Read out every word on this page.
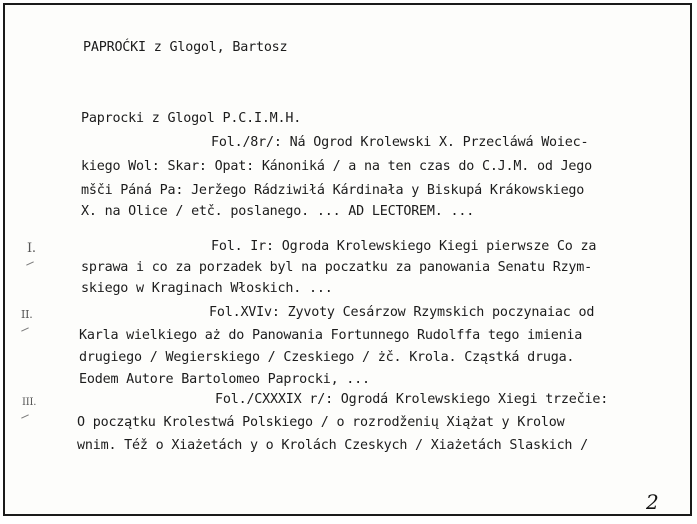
PAPROĆKI z Glogol, Bartosz
Paprocki z Glogol P.C.I.M.H.
Fol./8r/: Ná Ogrod Krolewski X. Przecláwá Woiec-
kiego Wol: Skar: Opat: Kánoniká / a na ten czas do C.J.M. od Jego
mšči Páná Pa: Jeržego Rádziwiłá Kárdinała y Biskupá Krákowskiego
X. na Olice / etč. poslanego. ... AD LECTOREM. ...
Fol. Ir: Ogroda Krolewskiego Kiegi pierwsze Co za
sprawa i co za porzadek byl na poczatku za panowania Senatu Rzym-
skiego w Kraginach Włoskich. ...
Fol.XVIv: Zyvoty Cesárzow Rzymskich poczynaiac od
Karla wielkiego aż do Panowania Fortunnego Rudolffa tego imienia
drugiego / Wegierskiego / Czeskiego / żč. Krola. Cząstká druga.
Eodem Autore Bartolomeo Paprocki, ...
Fol./CXXXIX r/: Ogrodá Krolewskiego Xiegi trzečie:
O początku Krolestwá Polskiego / o rozrodženių Xiążat y Krolow
wnim. Též o Xiażetách y o Krolách Czeskych / Xiażetách Slaskich /
I.
II.
III.
2
